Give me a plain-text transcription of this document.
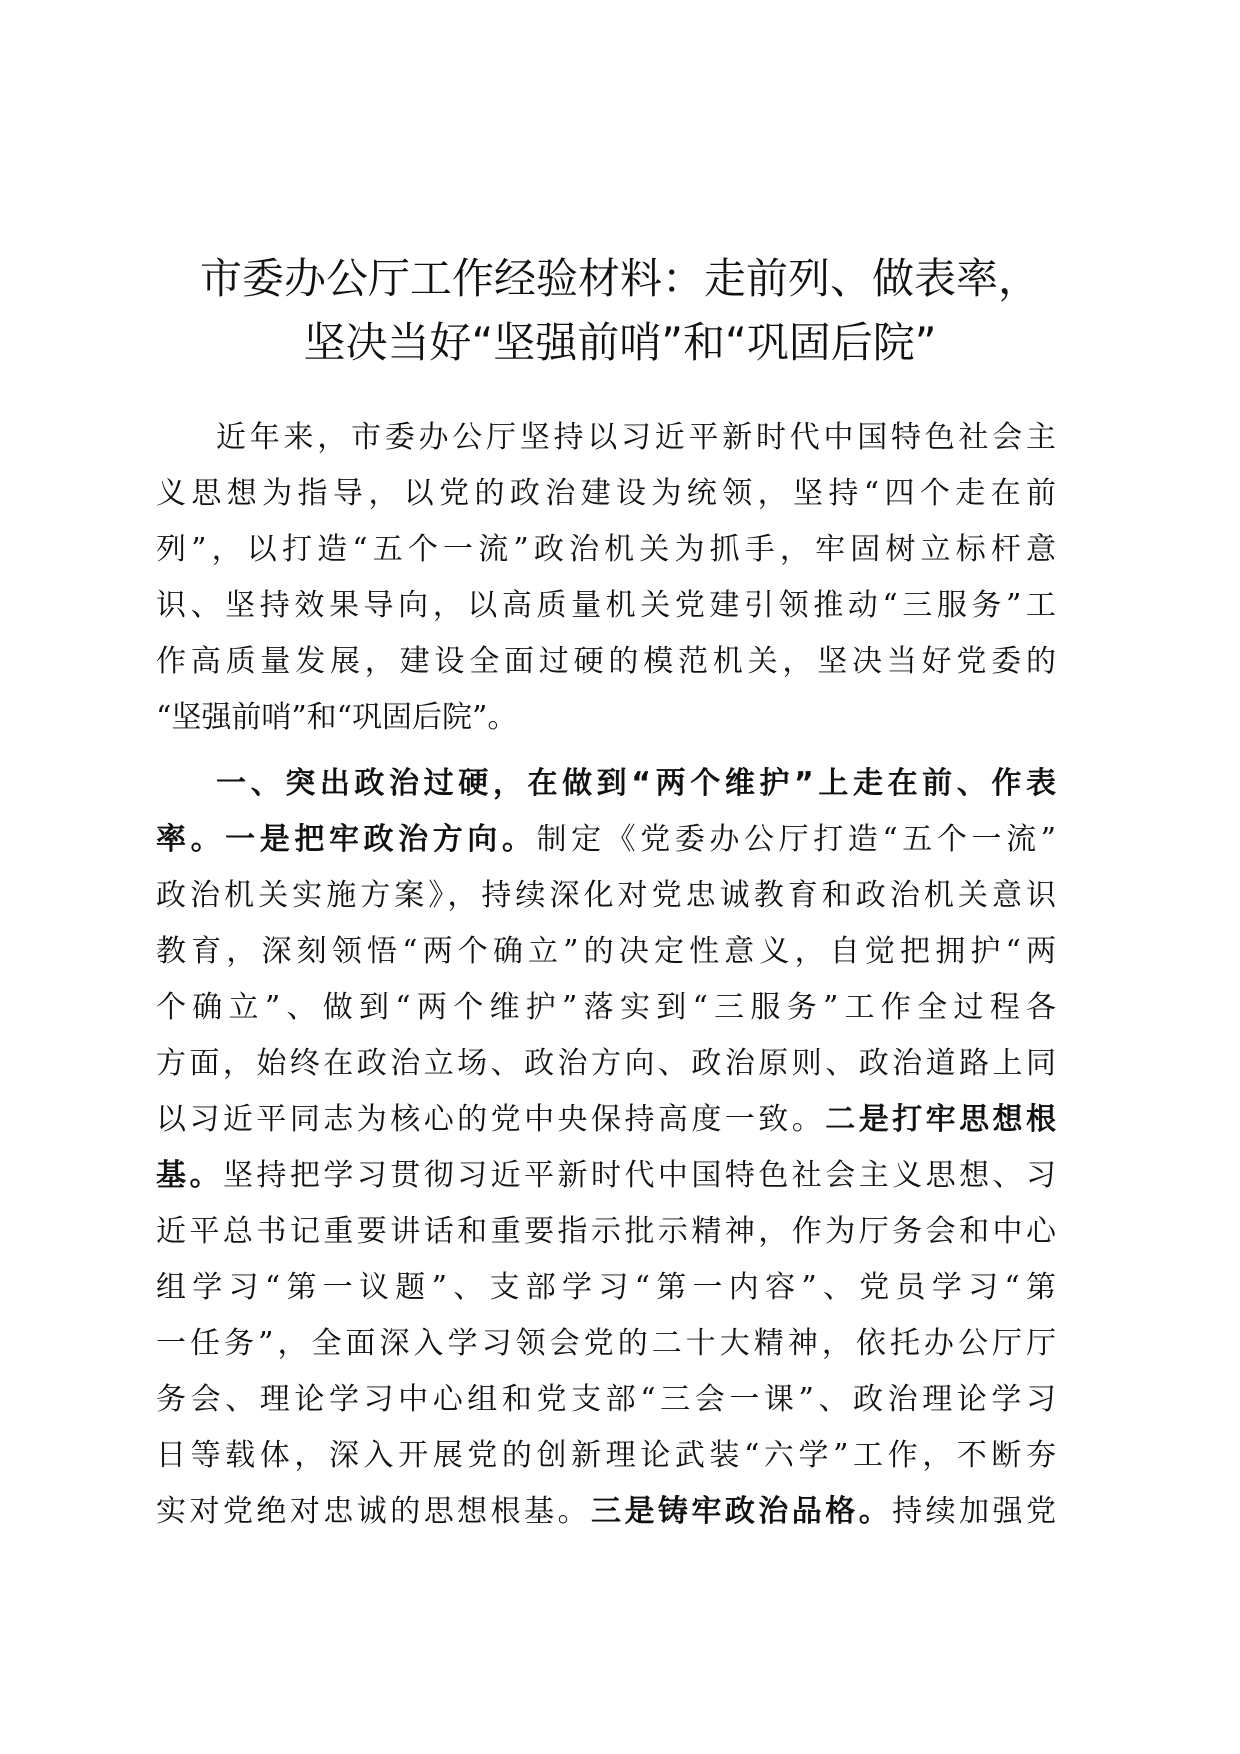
市委办公厅工作经验材料：走前列、做表率，
坚决当好“坚强前哨”和“巩固后院”
近年来，市委办公厅坚持以习近平新时代中国特色社会主
义思想为指导，以党的政治建设为统领，坚持“四个走在前
列”，以打造“五个一流”政治机关为抓手，牢固树立标杆意
识、坚持效果导向，以高质量机关党建引领推动“三服务”工
作高质量发展，建设全面过硬的模范机关，坚决当好党委的
“坚强前哨”和“巩固后院”。
一、突出政治过硬，在做到“两个维护”上走在前、作表
率。一是把牢政治方向。制定《党委办公厅打造“五个一流”
政治机关实施方案》，持续深化对党忠诚教育和政治机关意识
教育，深刻领悟“两个确立”的决定性意义，自觉把拥护“两
个确立”、做到“两个维护”落实到“三服务”工作全过程各
方面，始终在政治立场、政治方向、政治原则、政治道路上同
以习近平同志为核心的党中央保持高度一致。二是打牢思想根
基。坚持把学习贯彻习近平新时代中国特色社会主义思想、习
近平总书记重要讲话和重要指示批示精神，作为厅务会和中心
组学习“第一议题”、支部学习“第一内容”、党员学习“第
一任务”，全面深入学习领会党的二十大精神，依托办公厅厅
务会、理论学习中心组和党支部“三会一课”、政治理论学习
日等载体，深入开展党的创新理论武装“六学”工作，不断夯
实对党绝对忠诚的思想根基。三是铸牢政治品格。持续加强党
